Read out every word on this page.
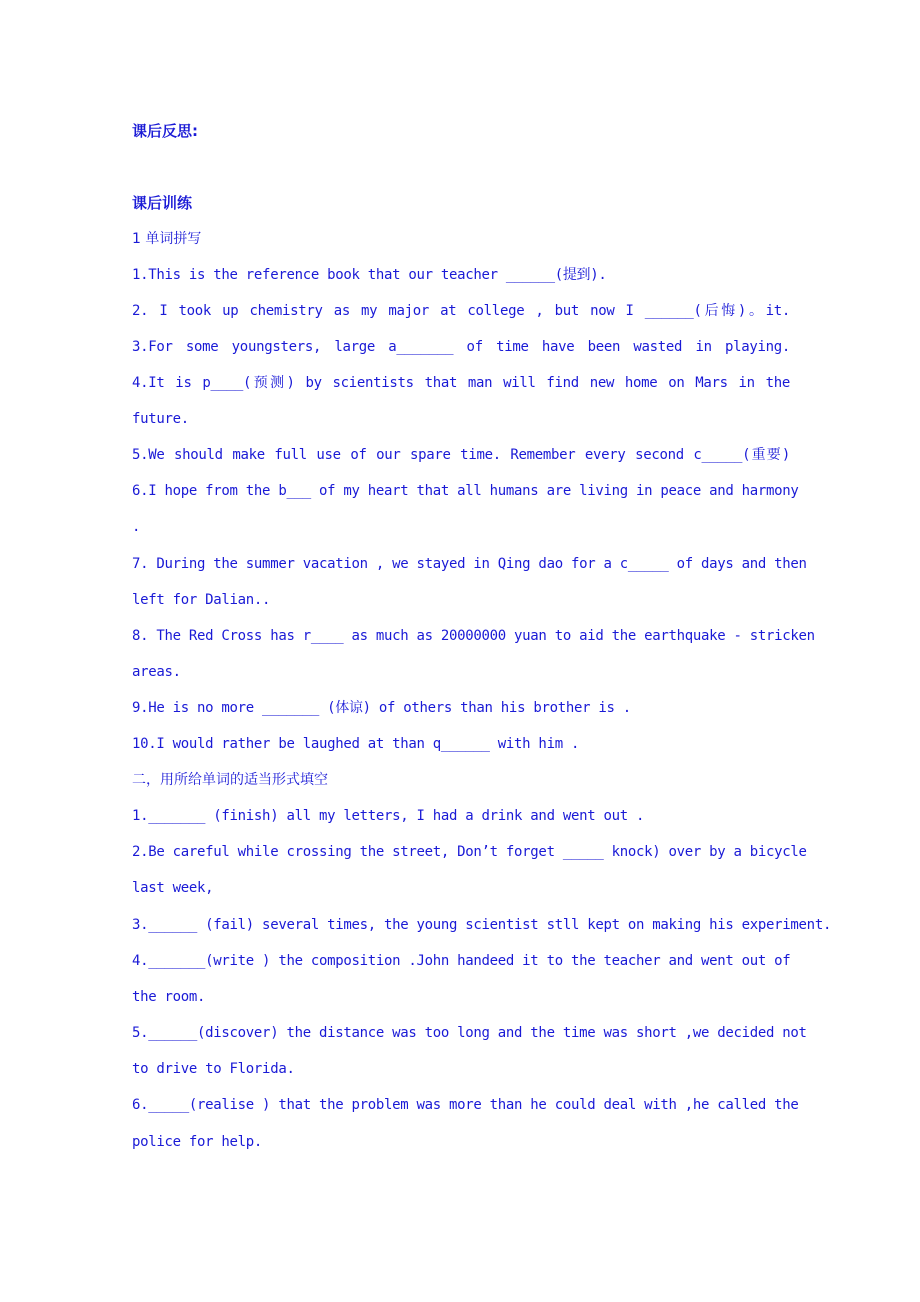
课后反思:
课后训练
1 单词拼写
1.This is the reference book that our teacher ______(提到).
2. I took up chemistry as my major at college , but now I ______(后悔)。it.
3.For some youngsters, large a_______ of time have been wasted in playing.
4.It is p____(预测) by scientists that man will find new home on Mars in the
future.
5.We should make full use of our spare time. Remember every second c_____(重要)
6.I hope from the b___ of my heart that all humans are living in peace and harmony
.
7. During the summer vacation , we stayed in Qing dao for a c_____ of days and then
left for Dalian..
8. The Red Cross has r____ as much as 20000000 yuan to aid the earthquake - stricken
areas.
9.He is no more _______ (体谅) of others than his brother is .
10.I would rather be laughed at than q______ with him .
二，用所给单词的适当形式填空
1._______ (finish) all my letters, I had a drink and went out .
2.Be careful while crossing the street, Don’t forget _____ knock) over by a bicycle
last week,
3.______ (fail) several times, the young scientist stll kept on making his experiment.
4._______(write ) the composition .John handeed it to the teacher and went out of
the room.
5.______(discover) the distance was too long and the time was short ,we decided not
to drive to Florida.
6._____(realise ) that the problem was more than he could deal with ,he called the
police for help.
